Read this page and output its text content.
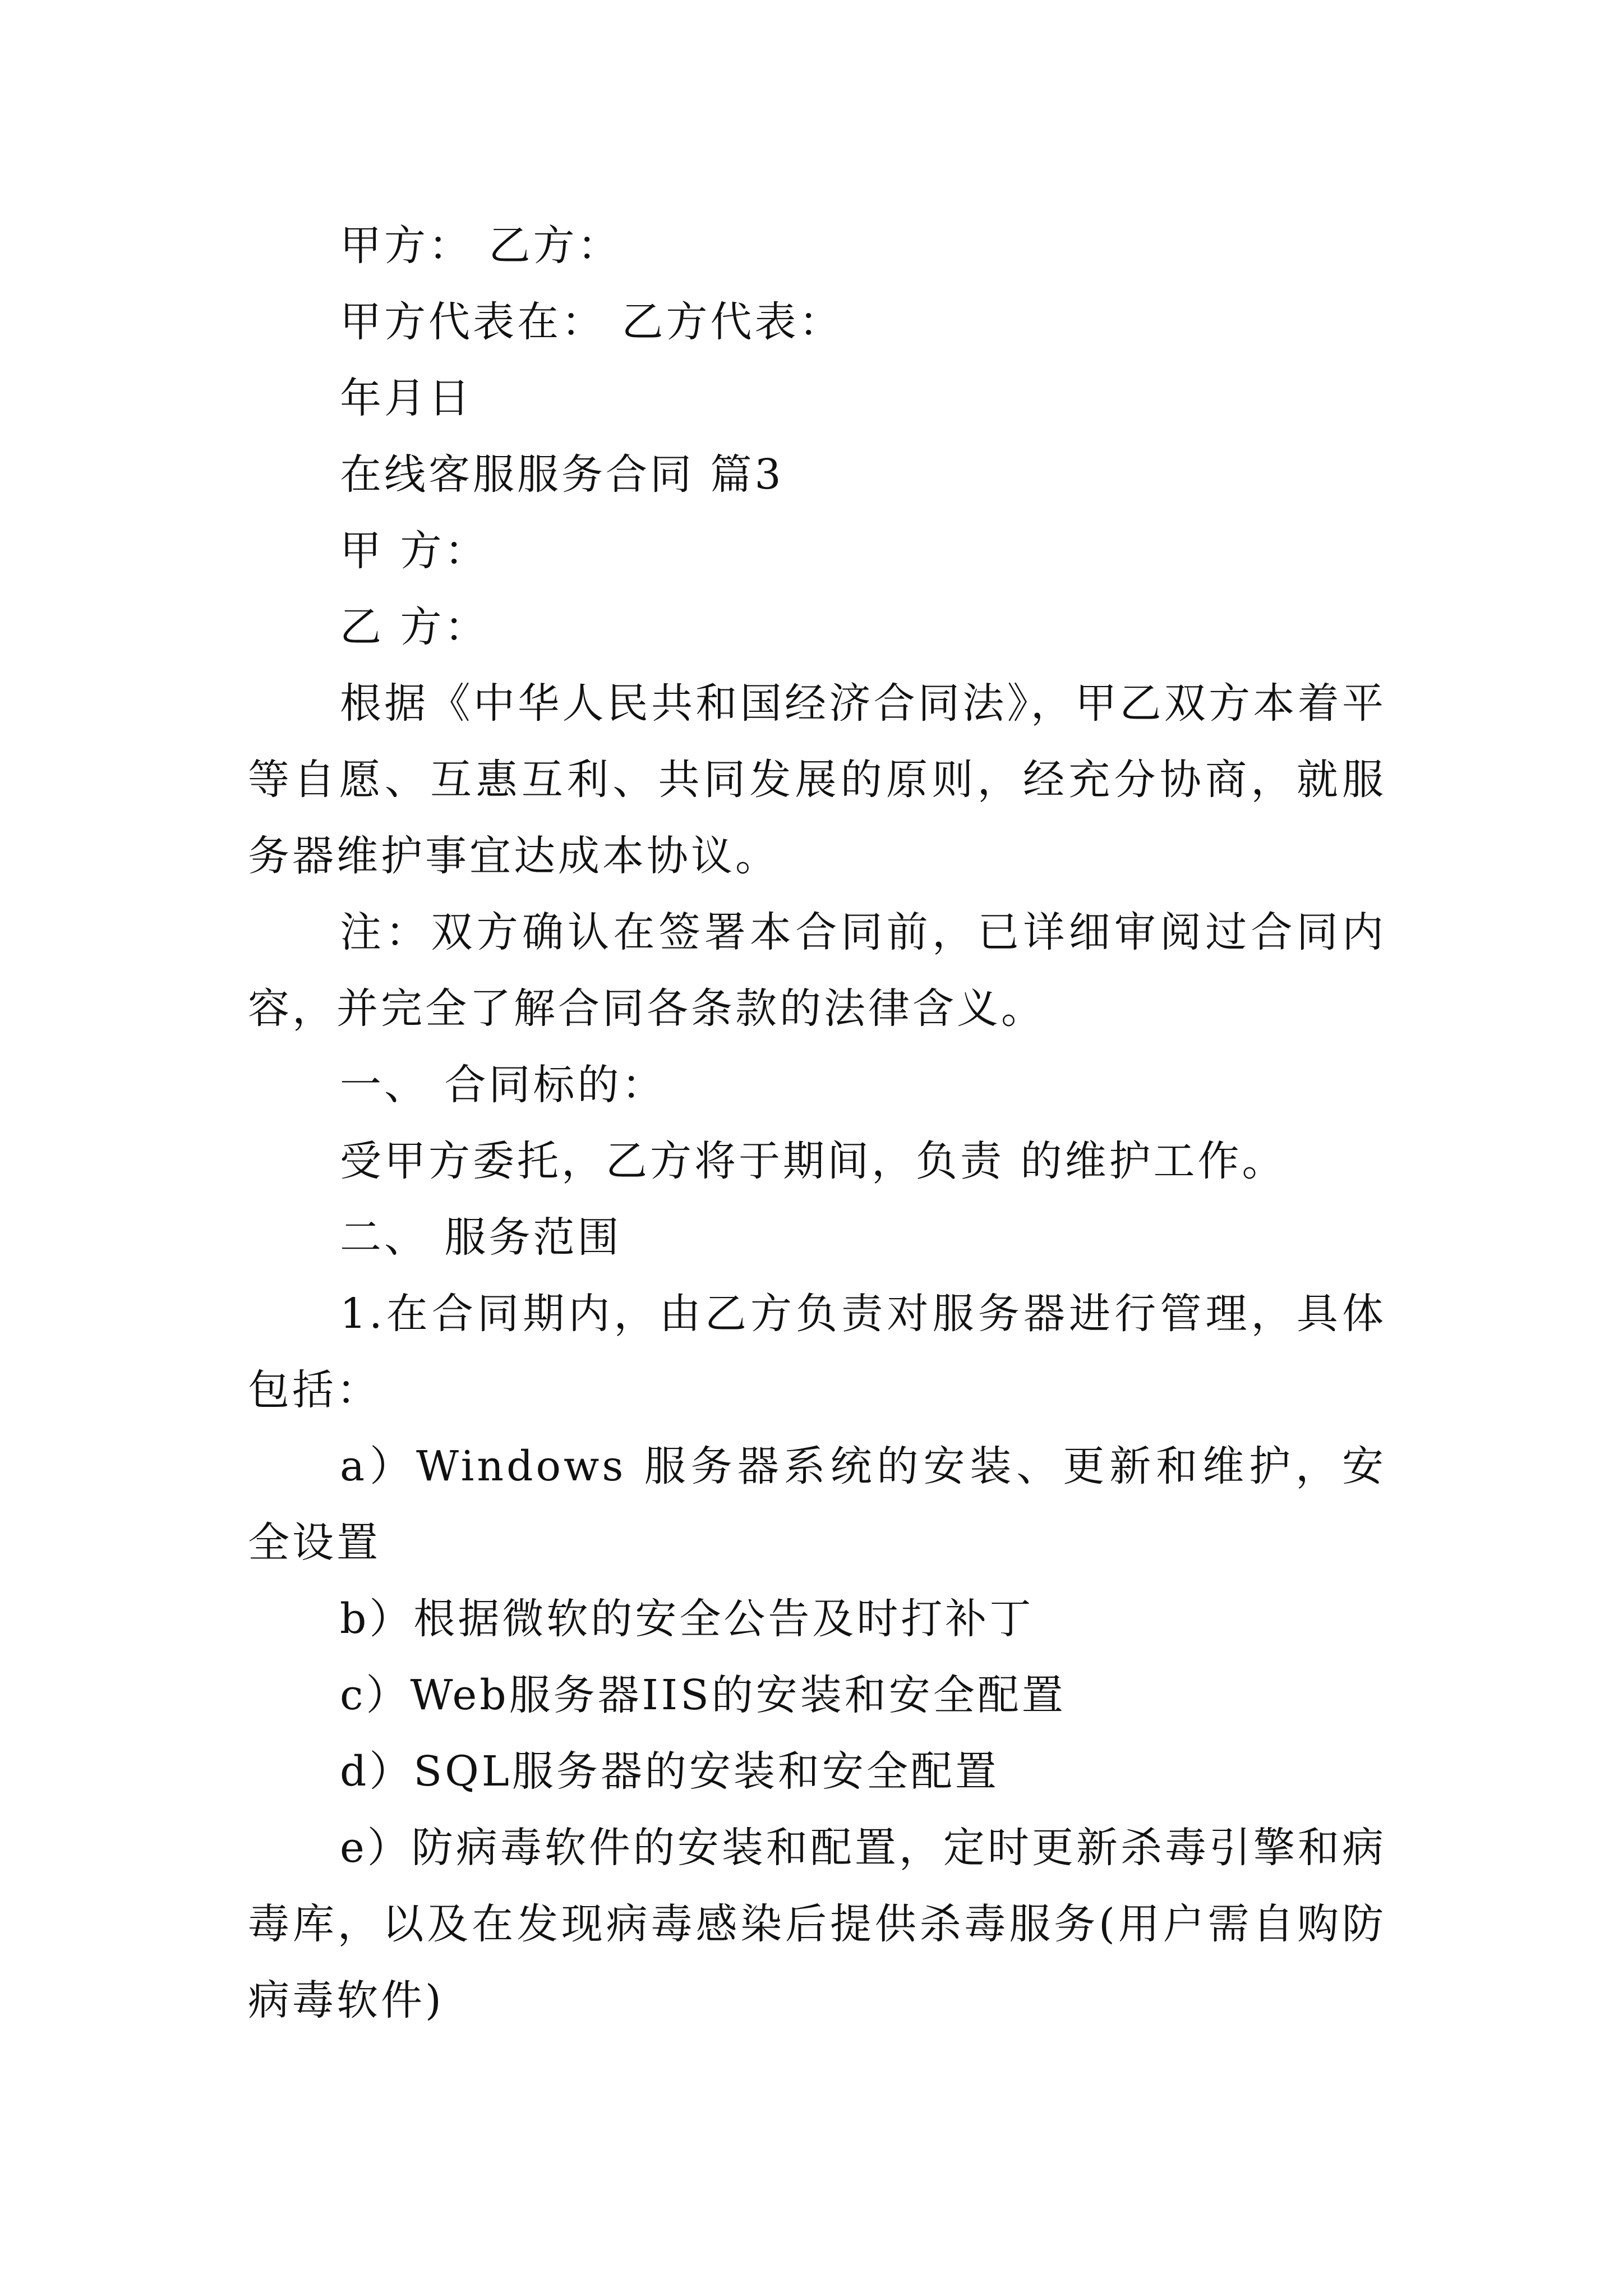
甲方： 乙方：

甲方代表在： 乙方代表：

年月日

在线客服服务合同 篇3

甲 方：

乙 方：

根据《中华人民共和国经济合同法》，甲乙双方本着平等自愿、互惠互利、共同发展的原则，经充分协商，就服务器维护事宜达成本协议。

注：双方确认在签署本合同前，已详细审阅过合同内容，并完全了解合同各条款的法律含义。

一、 合同标的：

受甲方委托，乙方将于期间，负责 的维护工作。

二、 服务范围

1.在合同期内，由乙方负责对服务器进行管理，具体包括：

a）Windows 服务器系统的安装、更新和维护，安全设置

b）根据微软的安全公告及时打补丁

c）Web服务器IIS的安装和安全配置

d）SQL服务器的安装和安全配置

e）防病毒软件的安装和配置，定时更新杀毒引擎和病毒库，以及在发现病毒感染后提供杀毒服务(用户需自购防病毒软件)
